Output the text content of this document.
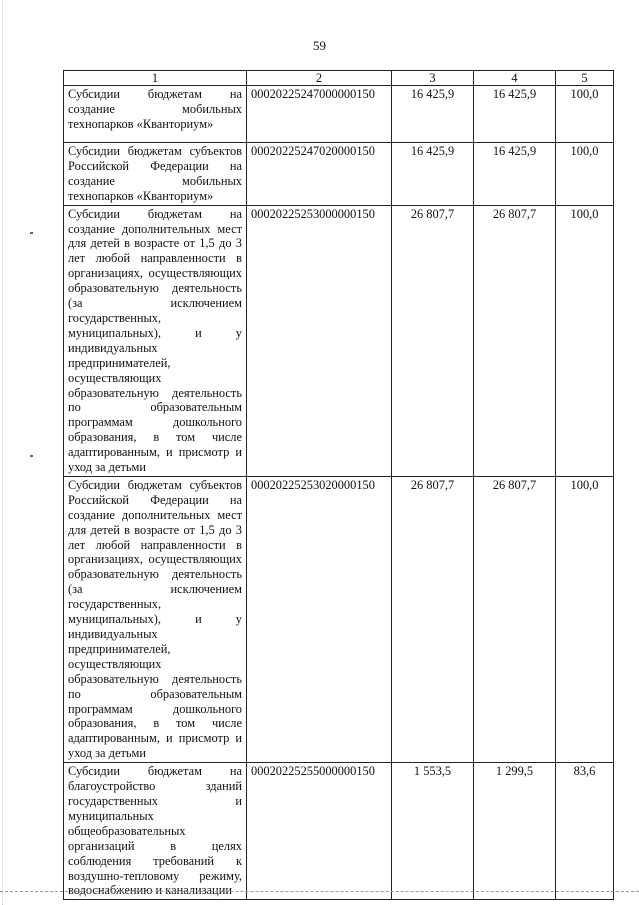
59
1	2	3	4	5
Субсидии бюджетам на создание мобильных технопарков «Кванториум»	00020225247000000150	16 425,9	16 425,9	100,0
Субсидии бюджетам субъектов Российской Федерации на создание мобильных технопарков «Кванториум»	00020225247020000150	16 425,9	16 425,9	100,0
Субсидии бюджетам на создание дополнительных мест для детей в возрасте от 1,5 до 3 лет любой направленности в организациях, осуществляющих образовательную деятельность (за исключением государственных, муниципальных), и у индивидуальных предпринимателей, осуществляющих образовательную деятельность по образовательным программам дошкольного образования, в том числе адаптированным, и присмотр и уход за детьми	00020225253000000150	26 807,7	26 807,7	100,0
Субсидии бюджетам субъектов Российской Федерации на создание дополнительных мест для детей в возрасте от 1,5 до 3 лет любой направленности в организациях, осуществляющих образовательную деятельность (за исключением государственных, муниципальных), и у индивидуальных предпринимателей, осуществляющих образовательную деятельность по образовательным программам дошкольного образования, в том числе адаптированным, и присмотр и уход за детьми	00020225253020000150	26 807,7	26 807,7	100,0
Субсидии бюджетам на благоустройство зданий государственных и муниципальных общеобразовательных организаций в целях соблюдения требований к воздушно-тепловому режиму, водоснабжению и канализации	00020225255000000150	1 553,5	1 299,5	83,6
